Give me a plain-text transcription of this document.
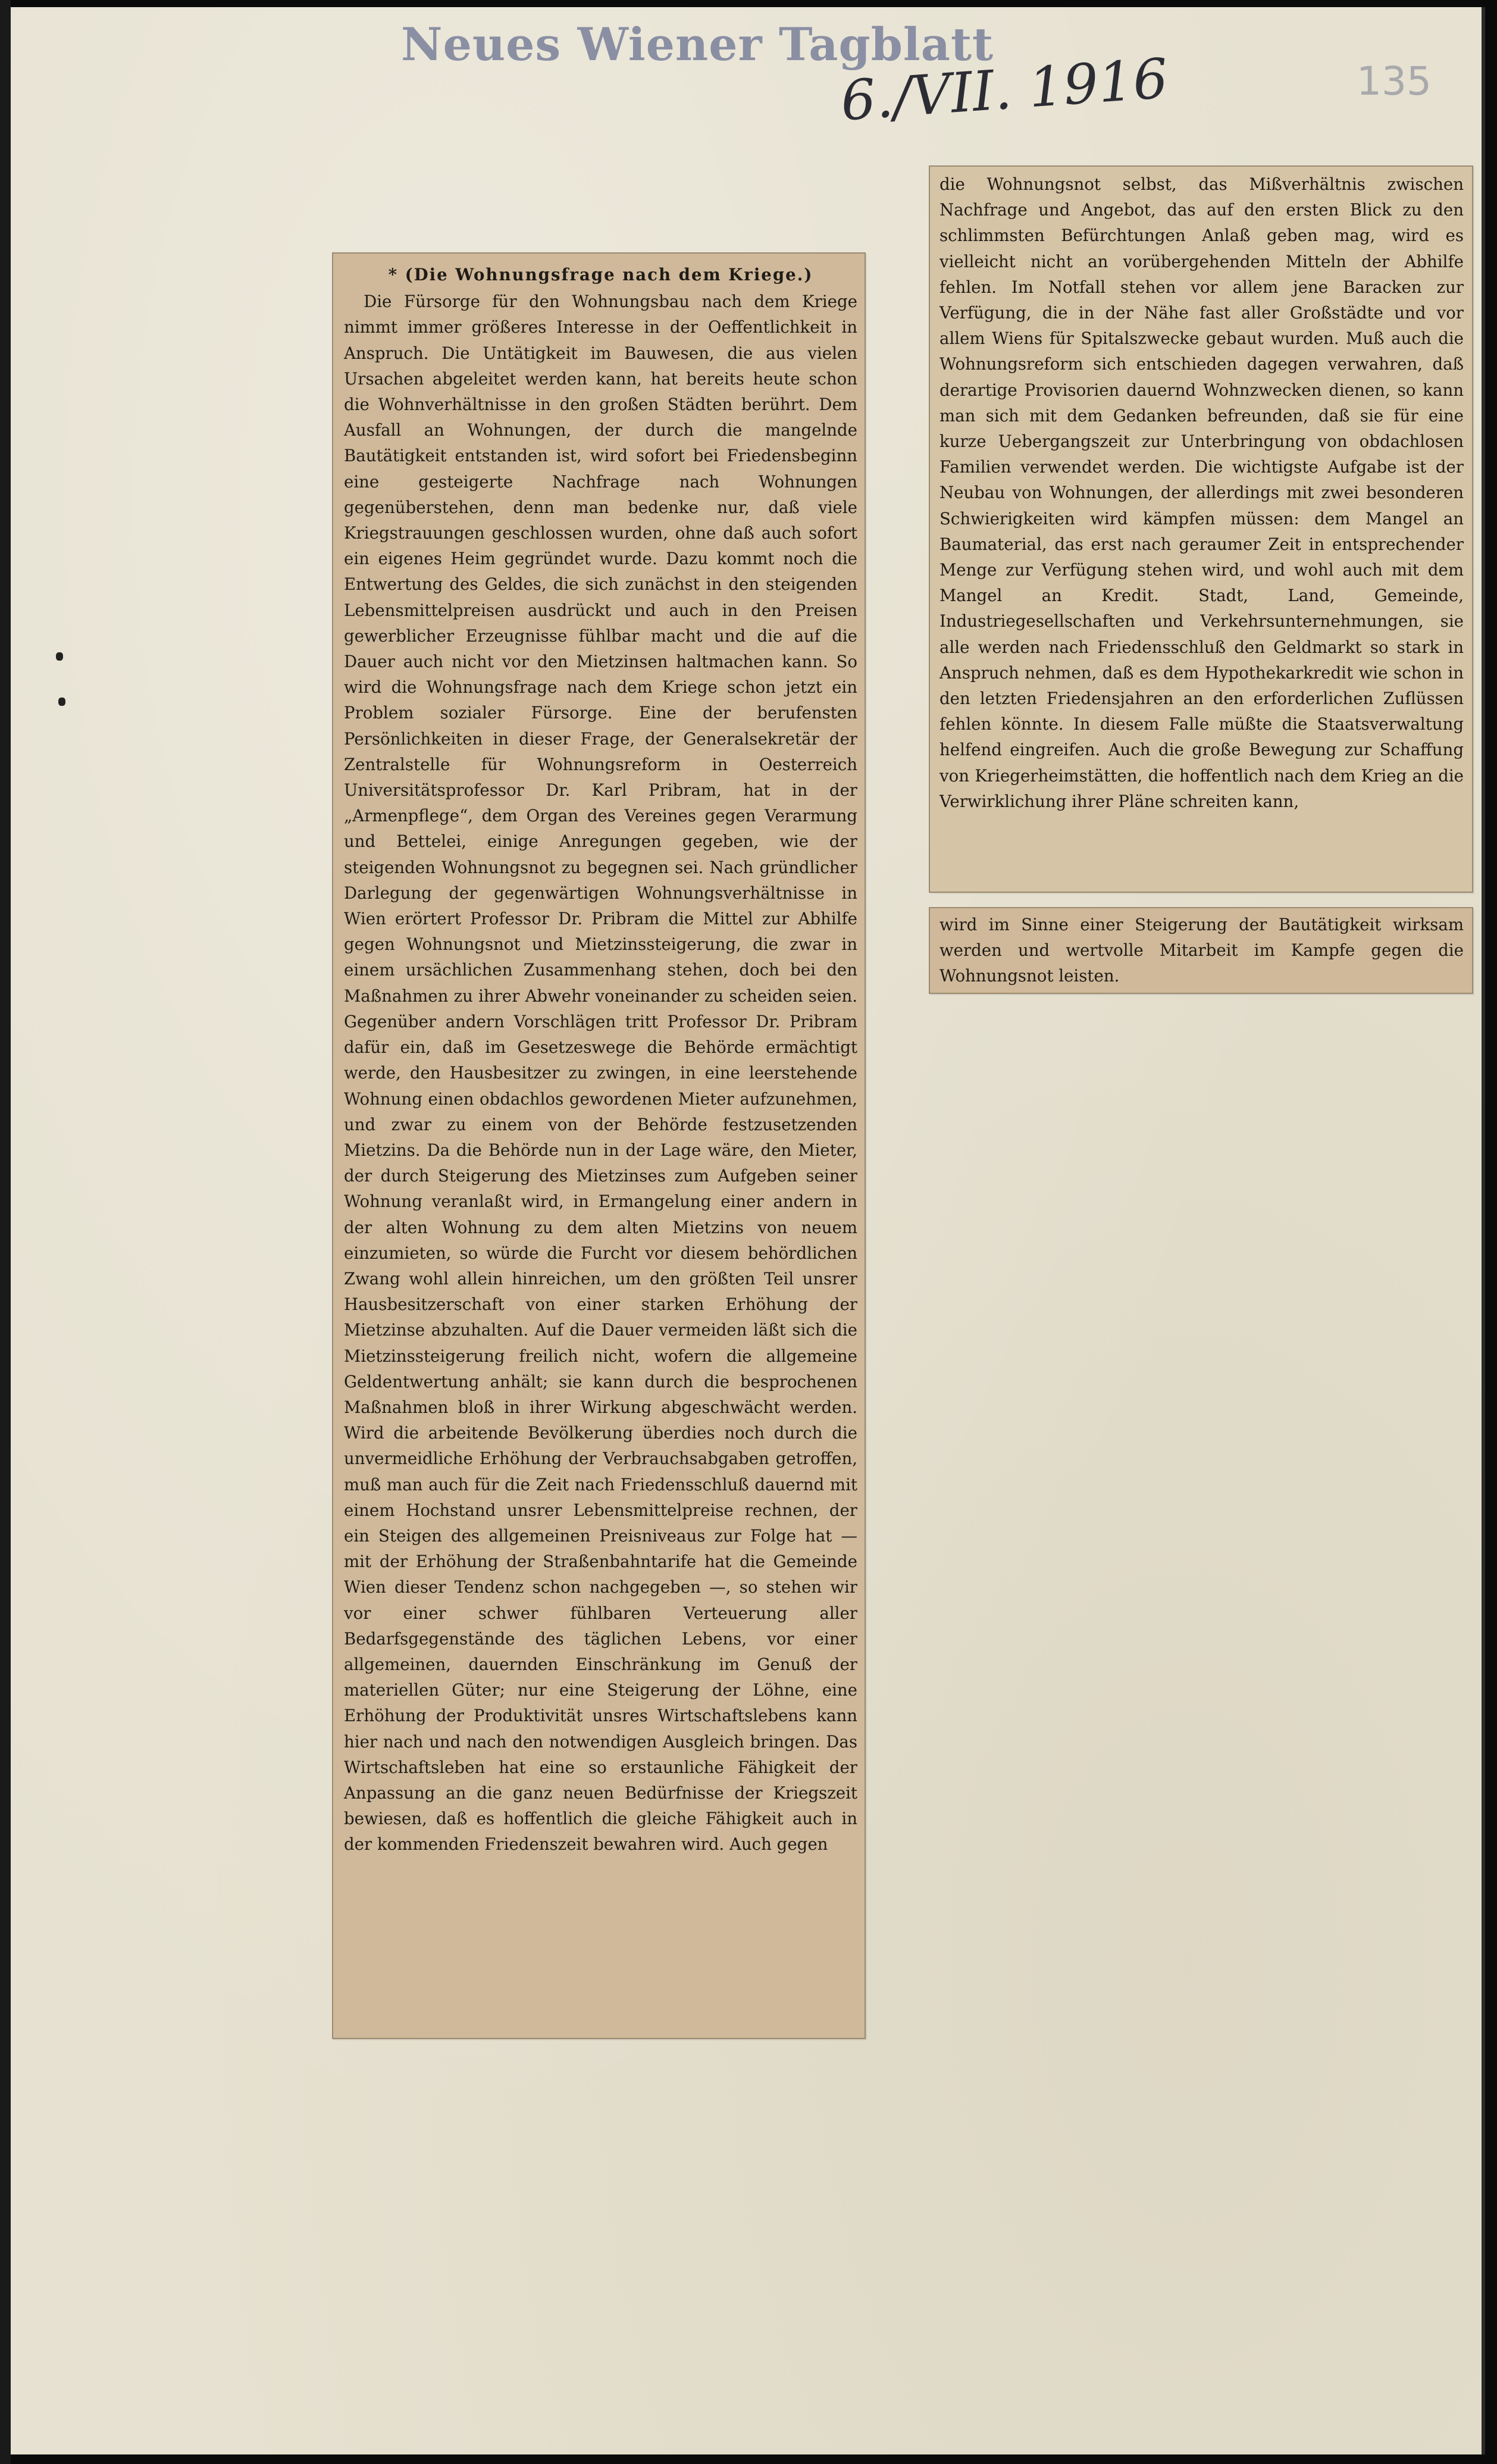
Neues Wiener Tagblatt
6./VII. 1916	135

* (Die Wohnungsfrage nach dem Kriege.)

Die Fürsorge für den Wohnungsbau nach dem Kriege nimmt immer größeres Interesse in der Oeffentlichkeit in Anspruch. Die Untätigkeit im Bauwesen, die aus vielen Ursachen abgeleitet werden kann, hat bereits heute schon die Wohnverhältnisse in den großen Städten berührt. Dem Ausfall an Wohnungen, der durch die mangelnde Bautätigkeit entstanden ist, wird sofort bei Friedensbeginn eine gesteigerte Nachfrage nach Wohnungen gegenüberstehen, denn man bedenke nur, daß viele Kriegstrauungen geschlossen wurden, ohne daß auch sofort ein eigenes Heim gegründet wurde. Dazu kommt noch die Entwertung des Geldes, die sich zunächst in den steigenden Lebensmittelpreisen ausdrückt und auch in den Preisen gewerblicher Erzeugnisse fühlbar macht und die auf die Dauer auch nicht vor den Mietzinsen haltmachen kann. So wird die Wohnungsfrage nach dem Kriege schon jetzt ein Problem sozialer Fürsorge. Eine der berufensten Persönlichkeiten in dieser Frage, der Generalsekretär der Zentralstelle für Wohnungsreform in Oesterreich Universitätsprofessor Dr. Karl Pribram, hat in der „Armenpflege“, dem Organ des Vereines gegen Verarmung und Bettelei, einige Anregungen gegeben, wie der steigenden Wohnungsnot zu begegnen sei. Nach gründlicher Darlegung der gegenwärtigen Wohnungsverhältnisse in Wien erörtert Professor Dr. Pribram die Mittel zur Abhilfe gegen Wohnungsnot und Mietzinssteigerung, die zwar in einem ursächlichen Zusammenhang stehen, doch bei den Maßnahmen zu ihrer Abwehr voneinander zu scheiden seien. Gegenüber andern Vorschlägen tritt Professor Dr. Pribram dafür ein, daß im Gesetzeswege die Behörde ermächtigt werde, den Hausbesitzer zu zwingen, in eine leerstehende Wohnung einen obdachlos gewordenen Mieter aufzunehmen, und zwar zu einem von der Behörde festzusetzenden Mietzins. Da die Behörde nun in der Lage wäre, den Mieter, der durch Steigerung des Mietzinses zum Aufgeben seiner Wohnung veranlaßt wird, in Ermangelung einer andern in der alten Wohnung zu dem alten Mietzins von neuem einzumieten, so würde die Furcht vor diesem behördlichen Zwang wohl allein hinreichen, um den größten Teil unsrer Hausbesitzerschaft von einer starken Erhöhung der Mietzinse abzuhalten. Auf die Dauer vermeiden läßt sich die Mietzinssteigerung freilich nicht, wofern die allgemeine Geldentwertung anhält; sie kann durch die besprochenen Maßnahmen bloß in ihrer Wirkung abgeschwächt werden. Wird die arbeitende Bevölkerung überdies noch durch die unvermeidliche Erhöhung der Verbrauchsabgaben getroffen, muß man auch für die Zeit nach Friedensschluß dauernd mit einem Hochstand unsrer Lebensmittelpreise rechnen, der ein Steigen des allgemeinen Preisniveaus zur Folge hat — mit der Erhöhung der Straßenbahntarife hat die Gemeinde Wien dieser Tendenz schon nachgegeben —, so stehen wir vor einer schwer fühlbaren Verteuerung aller Bedarfsgegenstände des täglichen Lebens, vor einer allgemeinen, dauernden Einschränkung im Genuß der materiellen Güter; nur eine Steigerung der Löhne, eine Erhöhung der Produktivität unsres Wirtschaftslebens kann hier nach und nach den notwendigen Ausgleich bringen. Das Wirtschaftsleben hat eine so erstaunliche Fähigkeit der Anpassung an die ganz neuen Bedürfnisse der Kriegszeit bewiesen, daß es hoffentlich die gleiche Fähigkeit auch in der kommenden Friedenszeit bewahren wird. Auch gegen

die Wohnungsnot selbst, das Mißverhältnis zwischen Nachfrage und Angebot, das auf den ersten Blick zu den schlimmsten Befürchtungen Anlaß geben mag, wird es vielleicht nicht an vorübergehenden Mitteln der Abhilfe fehlen. Im Notfall stehen vor allem jene Baracken zur Verfügung, die in der Nähe fast aller Großstädte und vor allem Wiens für Spitalszwecke gebaut wurden. Muß auch die Wohnungsreform sich entschieden dagegen verwahren, daß derartige Provisorien dauernd Wohnzwecken dienen, so kann man sich mit dem Gedanken befreunden, daß sie für eine kurze Uebergangszeit zur Unterbringung von obdachlosen Familien verwendet werden. Die wichtigste Aufgabe ist der Neubau von Wohnungen, der allerdings mit zwei besonderen Schwierigkeiten wird kämpfen müssen: dem Mangel an Baumaterial, das erst nach geraumer Zeit in entsprechender Menge zur Verfügung stehen wird, und wohl auch mit dem Mangel an Kredit. Stadt, Land, Gemeinde, Industriegesellschaften und Verkehrsunternehmungen, sie alle werden nach Friedensschluß den Geldmarkt so stark in Anspruch nehmen, daß es dem Hypothekarkredit wie schon in den letzten Friedensjahren an den erforderlichen Zuflüssen fehlen könnte. In diesem Falle müßte die Staatsverwaltung helfend eingreifen. Auch die große Bewegung zur Schaffung von Kriegerheimstätten, die hoffentlich nach dem Krieg an die Verwirklichung ihrer Pläne schreiten kann,

wird im Sinne einer Steigerung der Bautätigkeit wirksam werden und wertvolle Mitarbeit im Kampfe gegen die Wohnungsnot leisten.
